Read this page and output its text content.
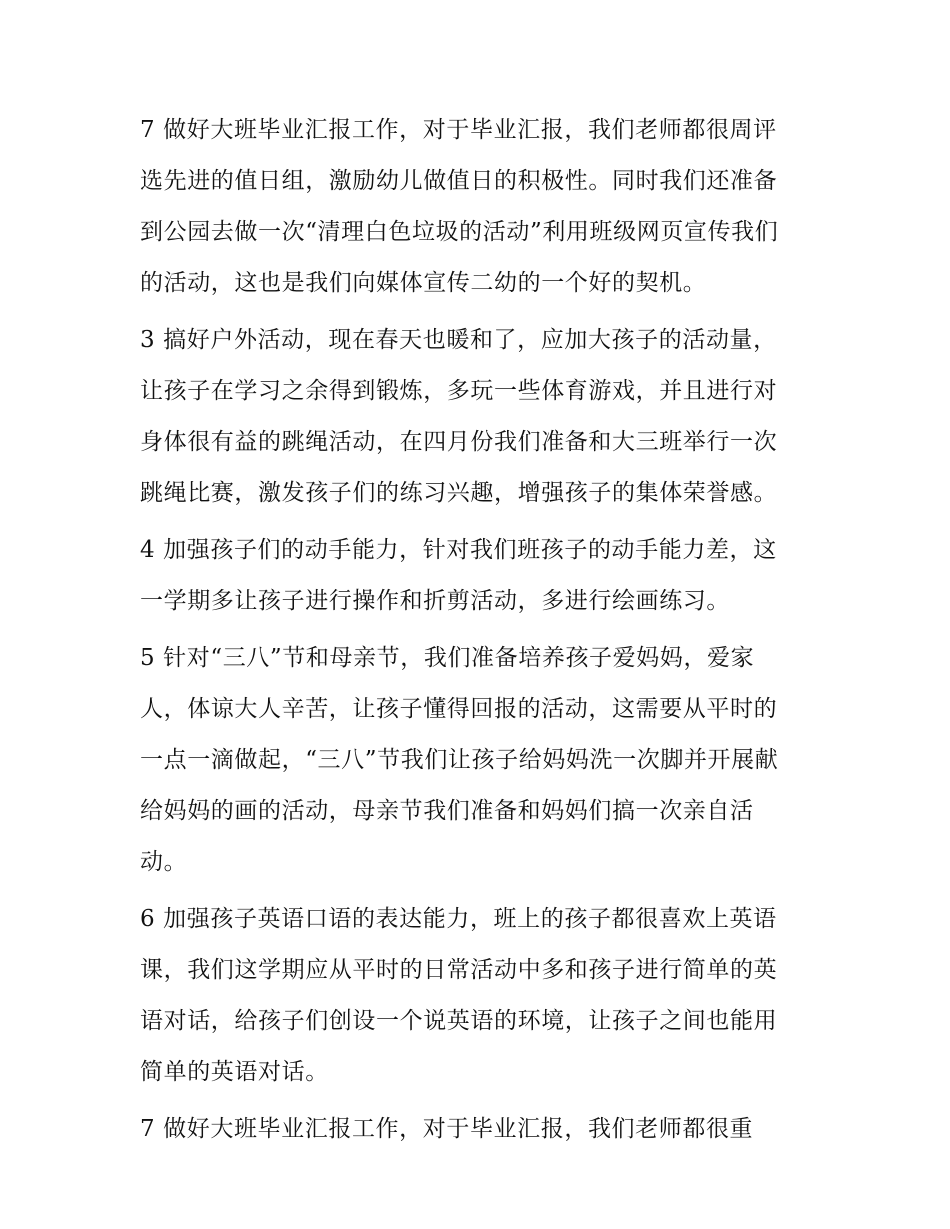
7 做好大班毕业汇报工作，对于毕业汇报，我们老师都很周评
选先进的值日组，激励幼儿做值日的积极性。同时我们还准备
到公园去做一次“清理白色垃圾的活动”利用班级网页宣传我们
的活动，这也是我们向媒体宣传二幼的一个好的契机。
3 搞好户外活动，现在春天也暖和了，应加大孩子的活动量，
让孩子在学习之余得到锻炼，多玩一些体育游戏，并且进行对
身体很有益的跳绳活动，在四月份我们准备和大三班举行一次
跳绳比赛，激发孩子们的练习兴趣，增强孩子的集体荣誉感。
4 加强孩子们的动手能力，针对我们班孩子的动手能力差，这
一学期多让孩子进行操作和折剪活动，多进行绘画练习。
5 针对“三八”节和母亲节，我们准备培养孩子爱妈妈，爱家
人，体谅大人辛苦，让孩子懂得回报的活动，这需要从平时的
一点一滴做起，“三八”节我们让孩子给妈妈洗一次脚并开展献
给妈妈的画的活动，母亲节我们准备和妈妈们搞一次亲自活
动。
6 加强孩子英语口语的表达能力，班上的孩子都很喜欢上英语
课，我们这学期应从平时的日常活动中多和孩子进行简单的英
语对话，给孩子们创设一个说英语的环境，让孩子之间也能用
简单的英语对话。
7 做好大班毕业汇报工作，对于毕业汇报，我们老师都很重
